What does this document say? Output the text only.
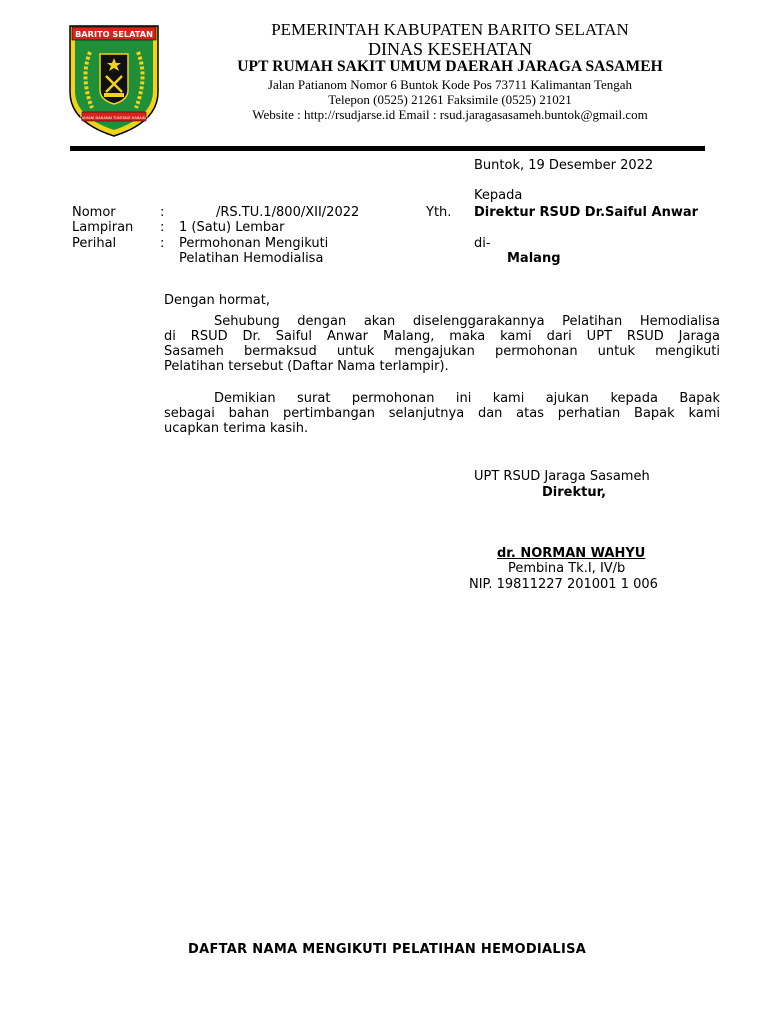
BARITO SELATAN
DAHANI DAHANAI TUNTANG HABAIKU
PEMERINTAH KABUPATEN BARITO SELATAN
DINAS KESEHATAN
UPT RUMAH SAKIT UMUM DAERAH JARAGA SASAMEH
Jalan Patianom Nomor 6 Buntok Kode Pos 73711 Kalimantan Tengah
Telepon (0525) 21261 Faksimile (0525) 21021
Website : http://rsudjarse.id Email : rsud.jaragasasameh.buntok@gmail.com
Buntok, 19 Desember 2022
Kepada
Yth. Direktur RSUD Dr.Saiful Anwar
di-
Malang
Nomor	:	/RS.TU.1/800/XII/2022
Lampiran : 1 (Satu) Lembar
Perihal	: Permohonan Mengikuti
Pelatihan Hemodialisa
Dengan hormat,
Sehubung dengan akan diselenggarakannya Pelatihan Hemodialisa
di RSUD Dr. Saiful Anwar Malang, maka kami dari UPT RSUD Jaraga
Sasameh bermaksud untuk mengajukan permohonan untuk mengikuti
Pelatihan tersebut (Daftar Nama terlampir).
Demikian surat permohonan ini kami ajukan kepada Bapak
sebagai bahan pertimbangan selanjutnya dan atas perhatian Bapak kami
ucapkan terima kasih.
UPT RSUD Jaraga Sasameh
Direktur,
dr. NORMAN WAHYU
Pembina Tk.I, IV/b
NIP. 19811227 201001 1 006
DAFTAR NAMA MENGIKUTI PELATIHAN HEMODIALISA
